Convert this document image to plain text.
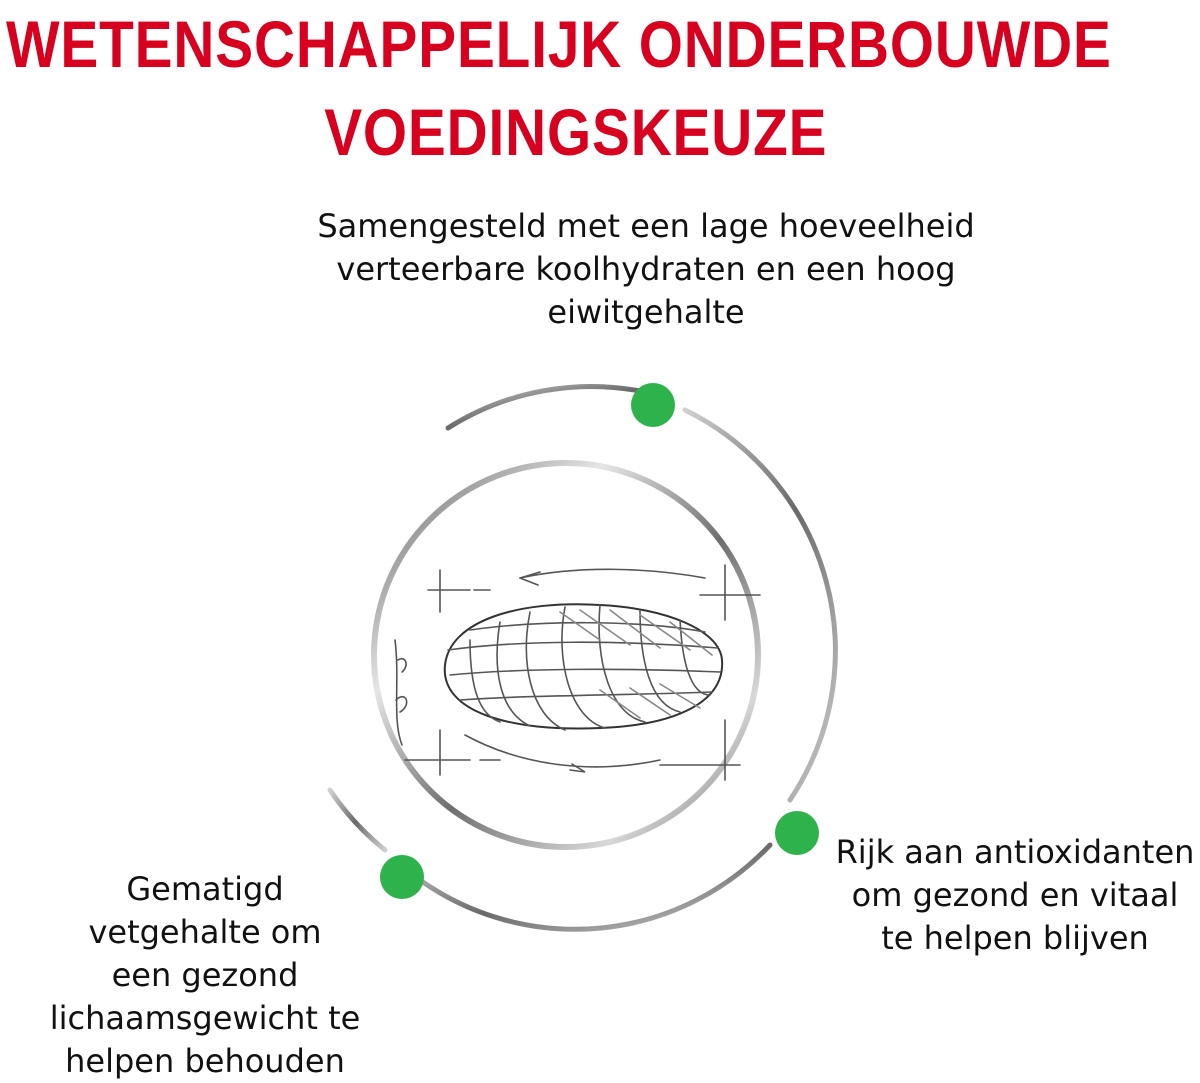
WETENSCHAPPELIJK ONDERBOUWDE
VOEDINGSKEUZE
Samengesteld met een lage hoeveelheid
verteerbare koolhydraten en een hoog
eiwitgehalte
Rijk aan antioxidanten
om gezond en vitaal
te helpen blijven
Gematigd
vetgehalte om
een gezond
lichaamsgewicht te
helpen behouden
